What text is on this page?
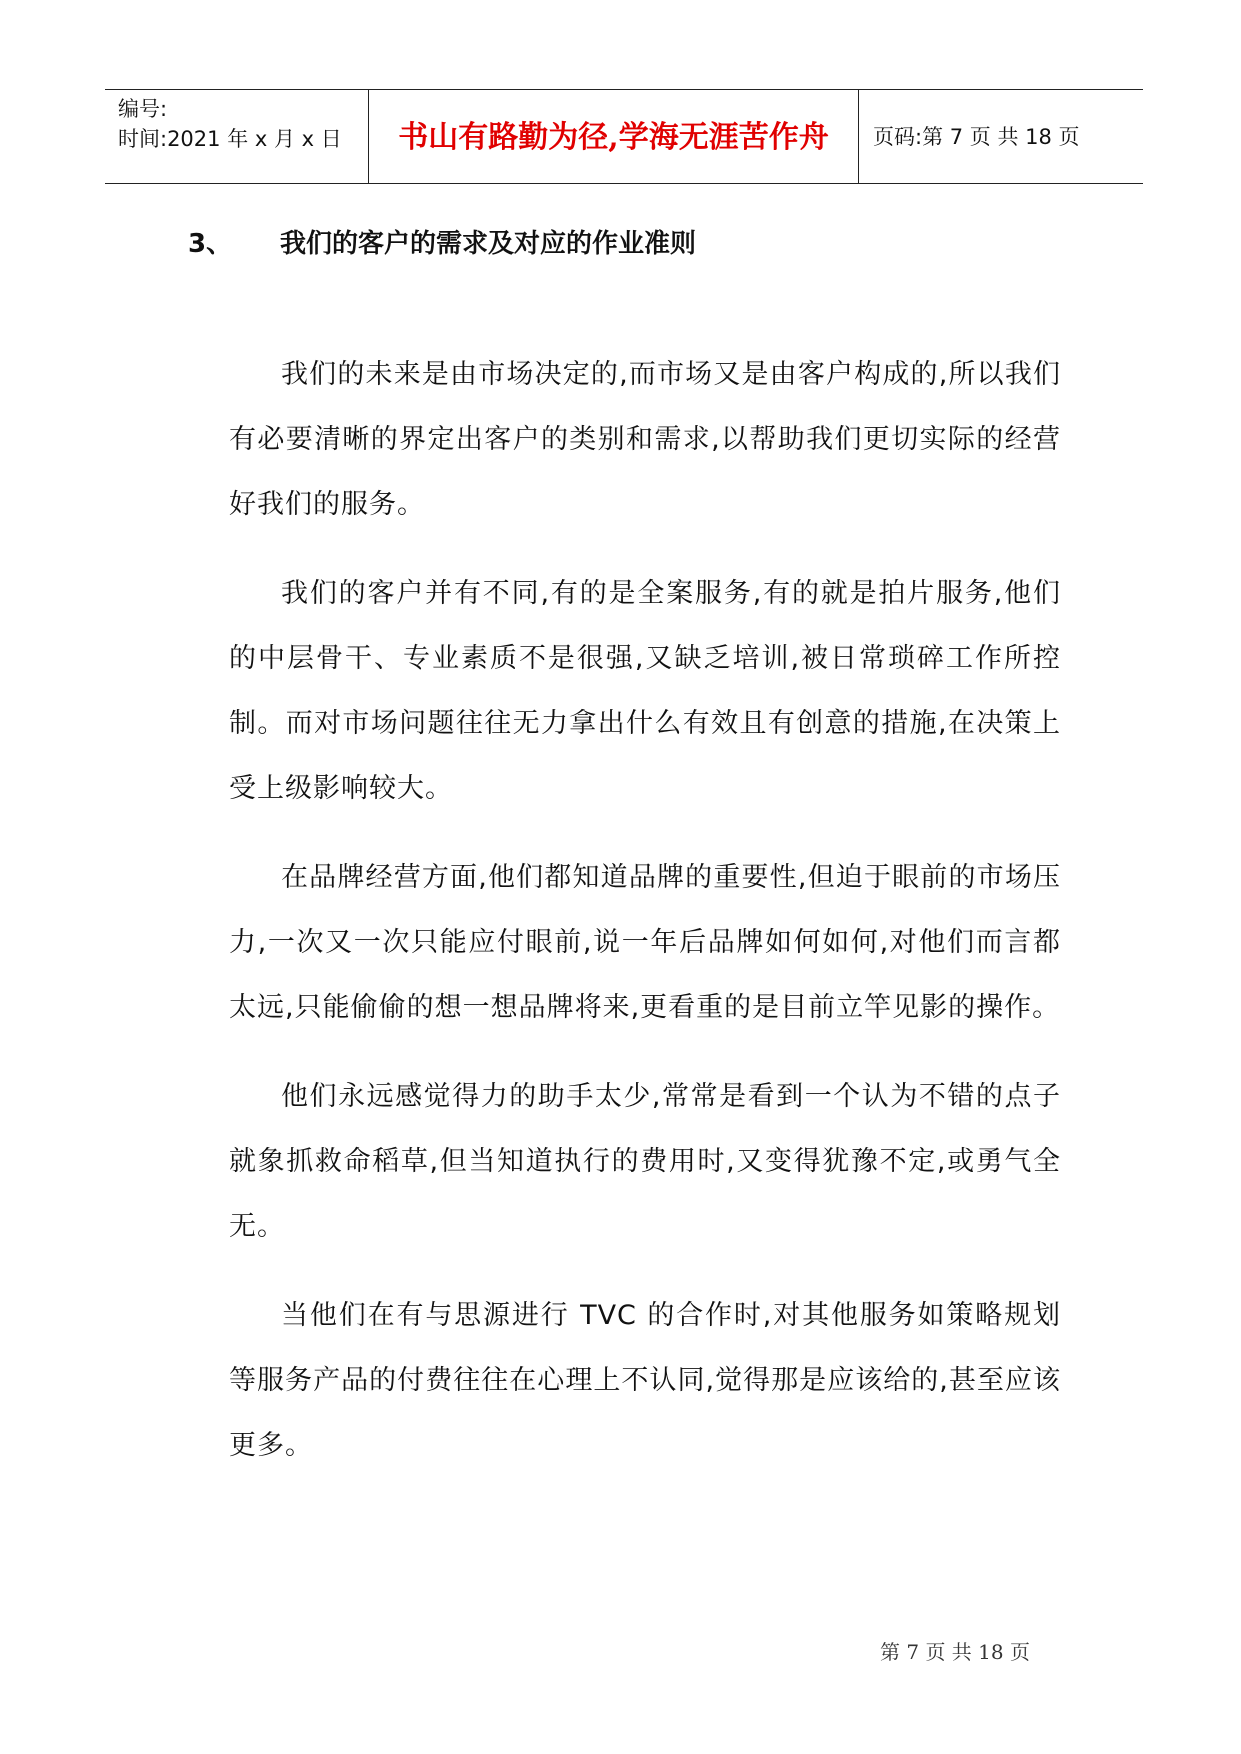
编号:
时间:2021 年 x 月 x 日	书山有路勤为径,学海无涯苦作舟	页码:第 7 页 共 18 页
3、 我们的客户的需求及对应的作业准则

我们的未来是由市场决定的,而市场又是由客户构成的,所以我们有必要清晰的界定出客户的类别和需求,以帮助我们更切实际的经营好我们的服务。

我们的客户并有不同,有的是全案服务,有的就是拍片服务,他们的中层骨干、专业素质不是很强,又缺乏培训,被日常琐碎工作所控制。而对市场问题往往无力拿出什么有效且有创意的措施,在决策上受上级影响较大。

在品牌经营方面,他们都知道品牌的重要性,但迫于眼前的市场压力,一次又一次只能应付眼前,说一年后品牌如何如何,对他们而言都太远,只能偷偷的想一想品牌将来,更看重的是目前立竿见影的操作。

他们永远感觉得力的助手太少,常常是看到一个认为不错的点子就象抓救命稻草,但当知道执行的费用时,又变得犹豫不定,或勇气全无。

当他们在有与思源进行 TVC 的合作时,对其他服务如策略规划等服务产品的付费往往在心理上不认同,觉得那是应该给的,甚至应该更多。

第 7 页 共 18 页
